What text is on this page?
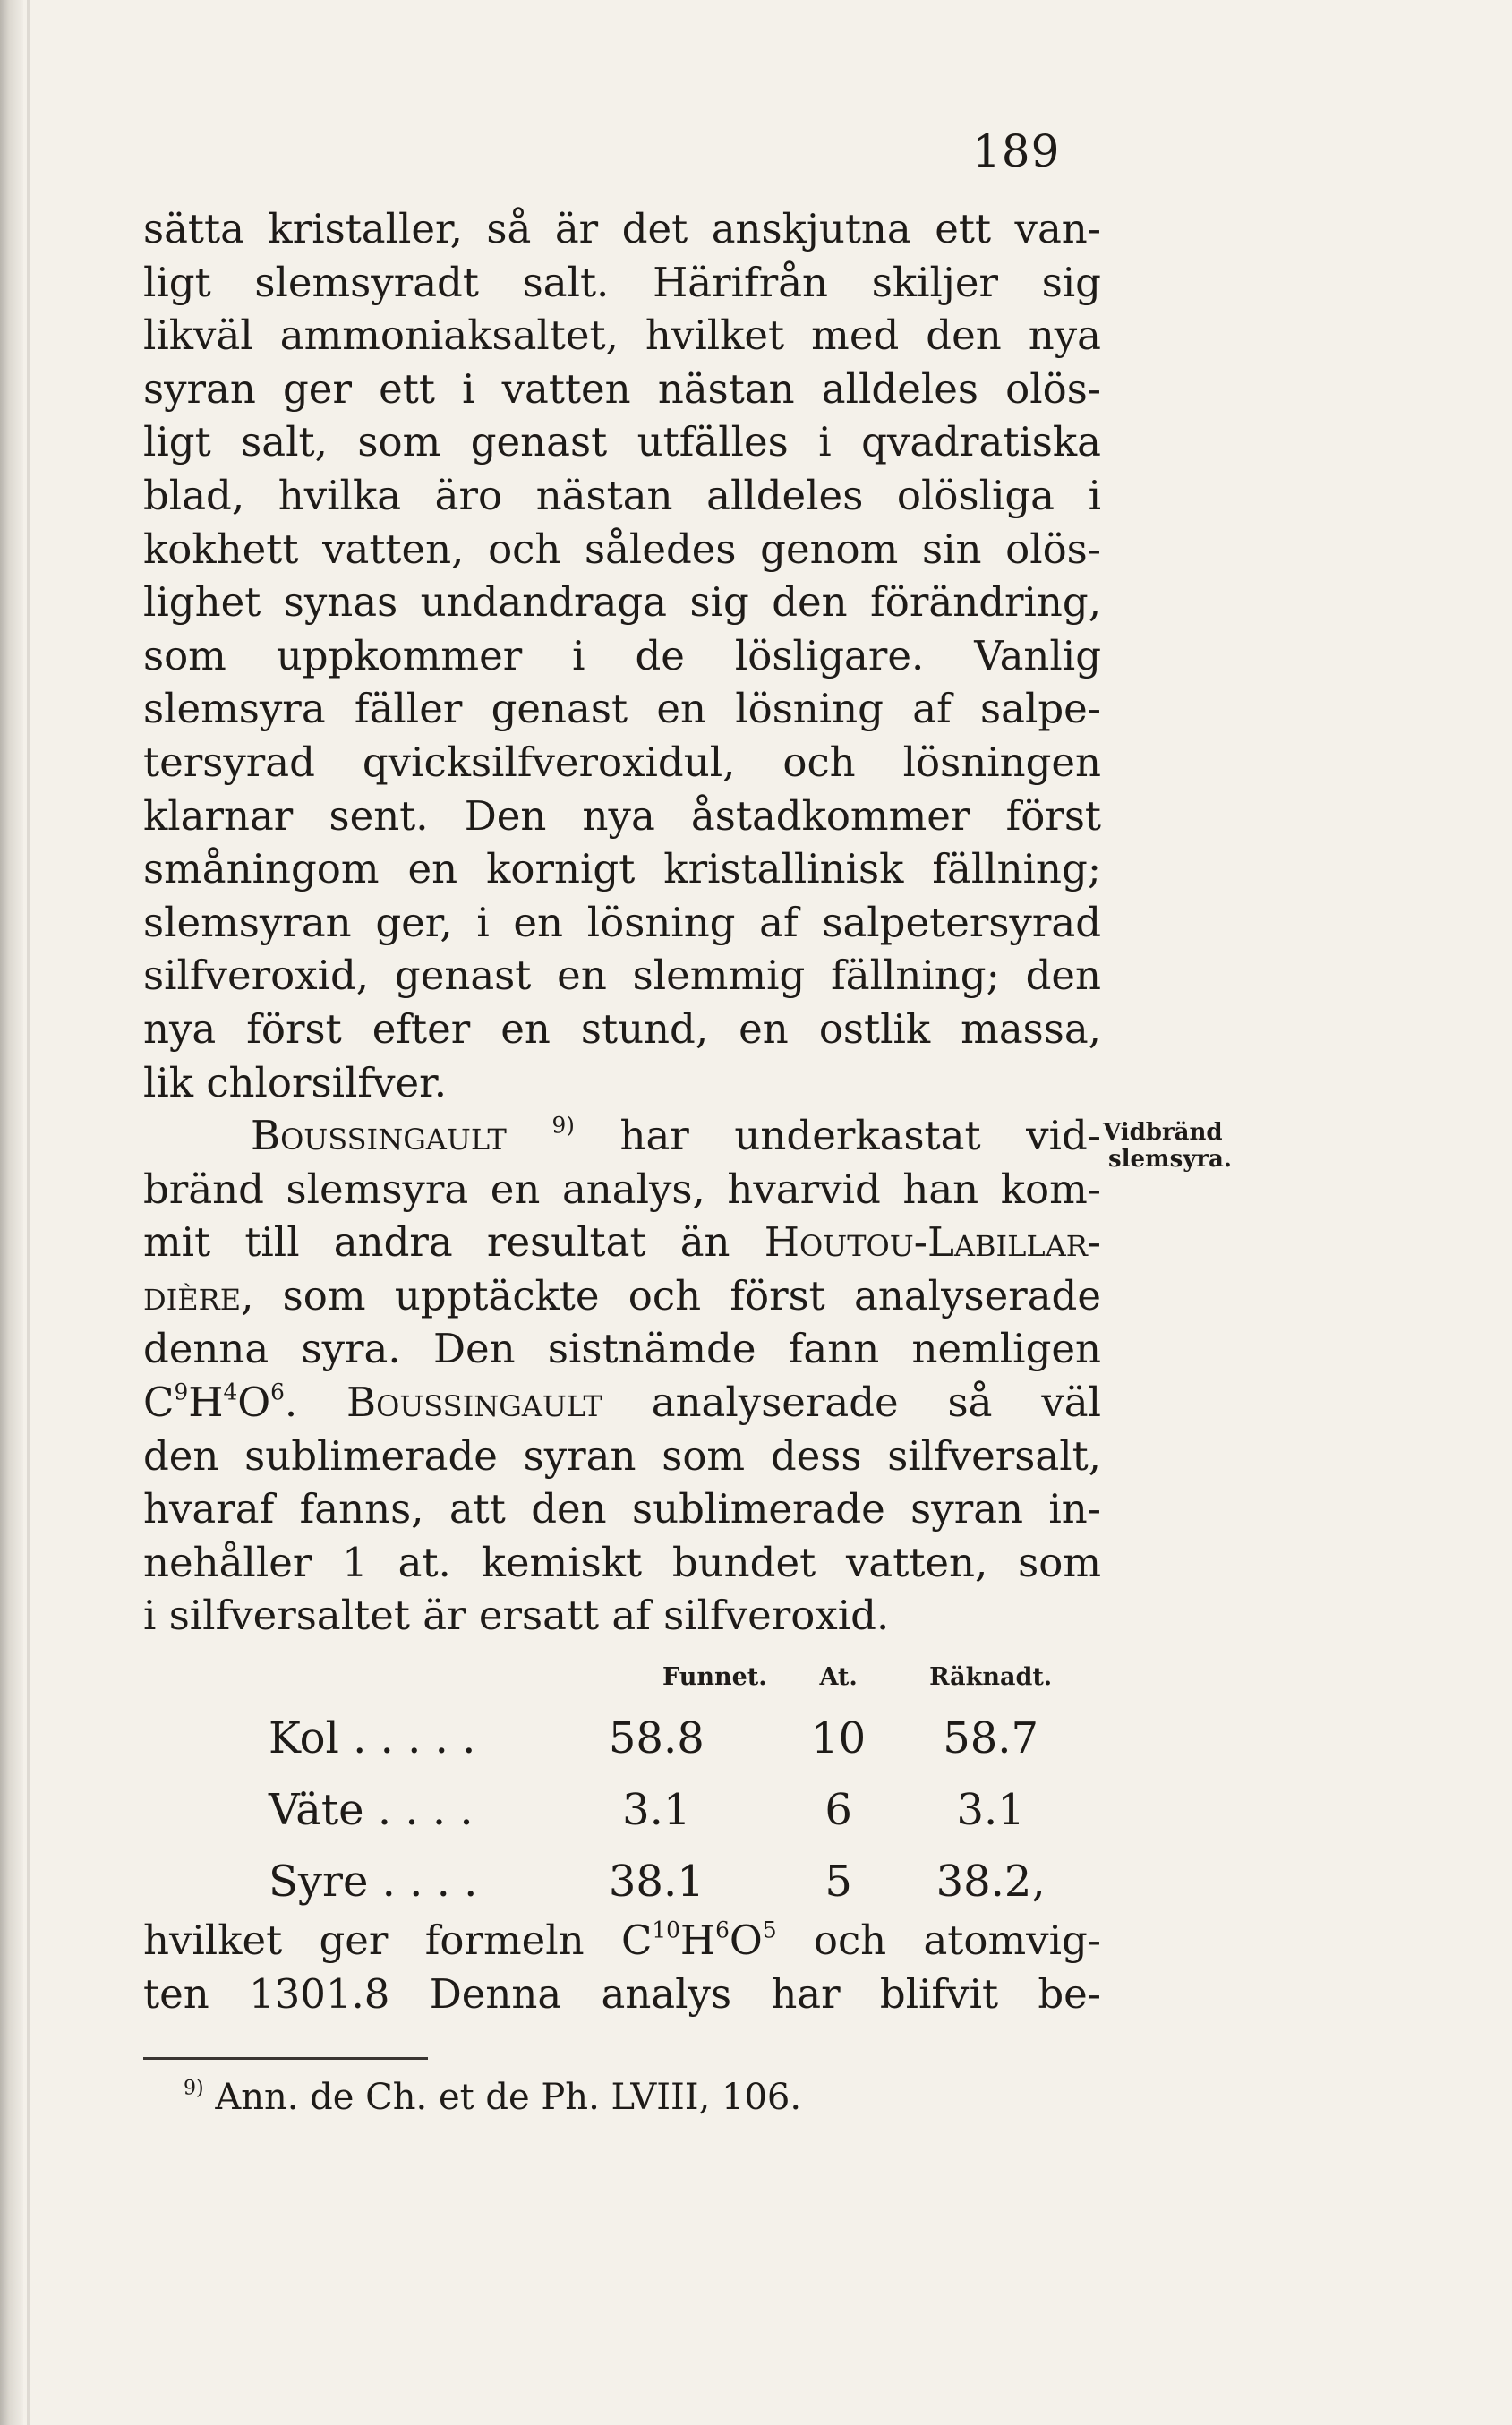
189
sätta kristaller, så är det anskjutna ett van-
ligt slemsyradt salt. Härifrån skiljer sig
likväl ammoniaksaltet, hvilket med den nya
syran ger ett i vatten nästan alldeles olös-
ligt salt, som genast utfälles i qvadratiska
blad, hvilka äro nästan alldeles olösliga i
kokhett vatten, och således genom sin olös-
lighet synas undandraga sig den förändring,
som uppkommer i de lösligare. Vanlig
slemsyra fäller genast en lösning af salpe-
tersyrad qvicksilfveroxidul, och lösningen
klarnar sent. Den nya åstadkommer först
småningom en kornigt kristallinisk fällning;
slemsyran ger, i en lösning af salpetersyrad
silfveroxid, genast en slemmig fällning; den
nya först efter en stund, en ostlik massa,
lik chlorsilfver.
Boussingault $^{9)}$ har underkastat vid-
bränd slemsyra en analys, hvarvid han kom-
mit till andra resultat än Houtou-Labillar-
dière, som upptäckte och först analyserade
denna syra. Den sistnämde fann nemligen
$C^9H^4O^6$. Boussingault analyserade så väl
den sublimerade syran som dess silfversalt,
hvaraf fanns, att den sublimerade syran in-
nehåller 1 at. kemiskt bundet vatten, som
i silfversaltet är ersatt af silfveroxid.
Vidbränd
slemsyra.
	Funnet.	At.	Räknadt.
Kol . . . . .	58.8	10	58.7
Väte . . . .	3.1	6	3.1
Syre . . . .	38.1	5	38.2,
hvilket ger formeln $C^{10}H^6O^5$ och atomvig-
ten 1301.8 Denna analys har blifvit be-
$^{9)}$ Ann. de Ch. et de Ph. LVIII, 106.
